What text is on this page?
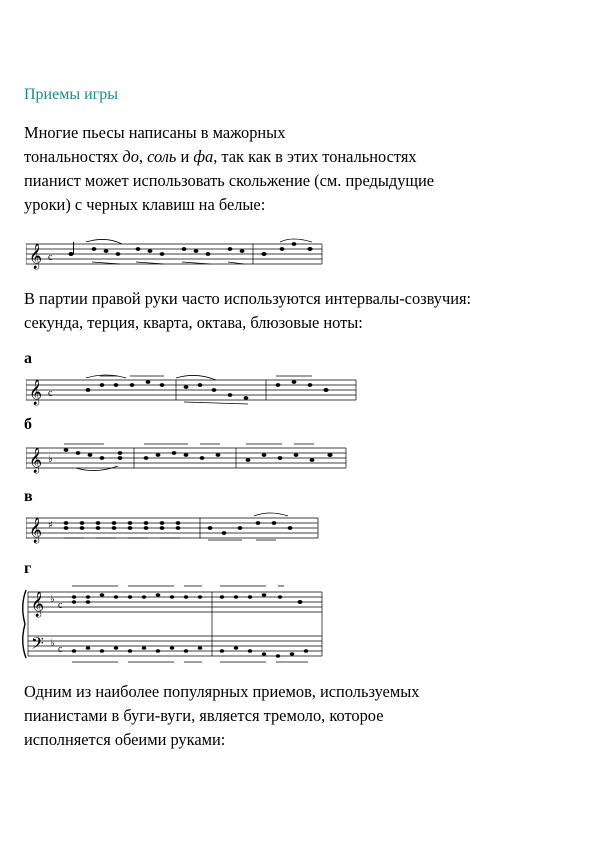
Приемы игры
Многие пьесы написаны в мажорных
тональностях до, соль и фа, так как в этих тональностях
пианист может использовать скольжение (см. предыдущие
уроки) с черных клавиш на белые:
𝄞 c
В партии правой руки часто используются интервалы-созвучия:
секунда, терция, кварта, октава, блюзовые ноты:
а
𝄞 c
б
𝄞 ♭
в
𝄞 ♯
г
𝄞
𝄢
♭
♭
c
c
Одним из наиболее популярных приемов, используемых
пианистами в буги-вуги, является тремоло, которое
исполняется обеими руками:
